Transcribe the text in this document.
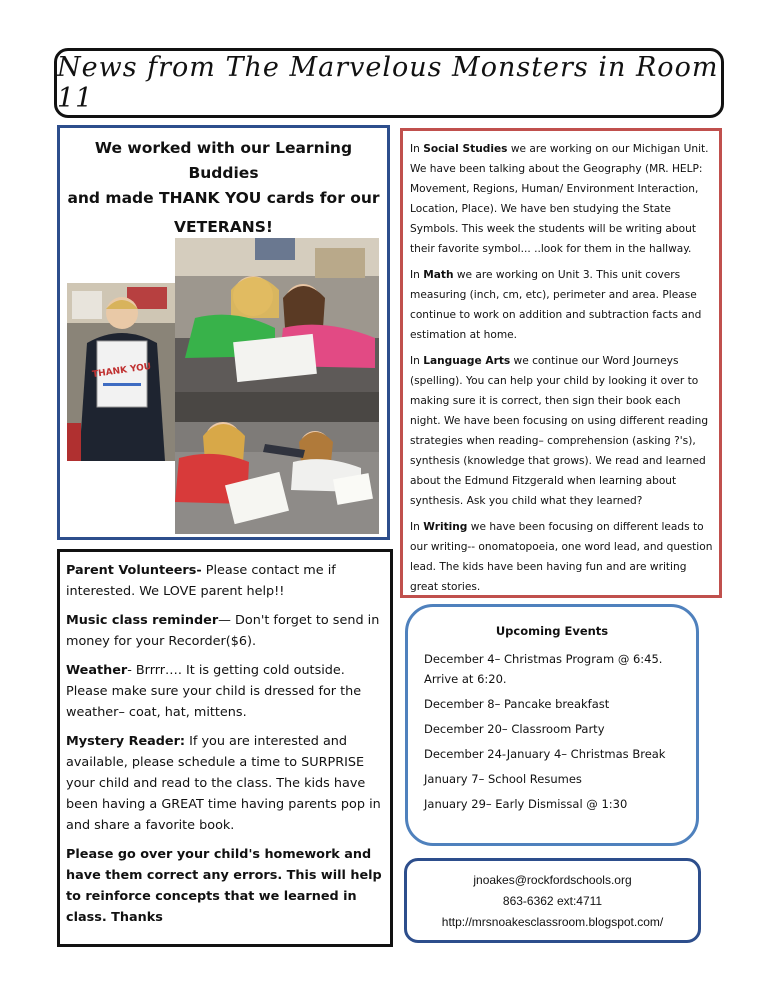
News from The Marvelous Monsters in Room 11
We worked with our Learning Buddies
and made THANK YOU cards for our
VETERANS!
THANK YOU

In Social Studies we are working on our Michigan Unit. We have been talking about the Geography (MR. HELP: Movement, Regions, Human/ Environment Interaction, Location, Place). We have ben studying the State Symbols. This week the students will be writing about their favorite symbol... ..look for them in the hallway.

In Math we are working on Unit 3. This unit covers measuring (inch, cm, etc), perimeter and area. Please continue to work on addition and subtraction facts and estimation at home.

In Language Arts we continue our Word Journeys (spelling). You can help your child by looking it over to making sure it is correct, then sign their book each night. We have been focusing on using different reading strategies when reading– comprehension (asking ?'s), synthesis (knowledge that grows). We read and learned about the Edmund Fitzgerald when learning about synthesis. Ask you child what they learned?

In Writing we have been focusing on different leads to our writing-- onomatopoeia, one word lead, and question lead. The kids have been having fun and are writing great stories.

Parent Volunteers- Please contact me if interested. We LOVE parent help!!

Music class reminder— Don't forget to send in money for your Recorder($6).

Weather- Brrrr…. It is getting cold outside. Please make sure your child is dressed for the weather– coat, hat, mittens.

Mystery Reader: If you are interested and available, please schedule a time to SURPRISE your child and read to the class. The kids have been having a GREAT time having parents pop in and share a favorite book.

Please go over your child's homework and have them correct any errors. This will help to reinforce concepts that we learned in class. Thanks

Upcoming Events
December 4– Christmas Program @ 6:45. Arrive at 6:20.
December 8– Pancake breakfast
December 20– Classroom Party
December 24-January 4– Christmas Break
January 7– School Resumes
January 29– Early Dismissal @ 1:30
jnoakes@rockfordschools.org
863-6362 ext:4711
http://mrsnoakesclassroom.blogspot.com/
